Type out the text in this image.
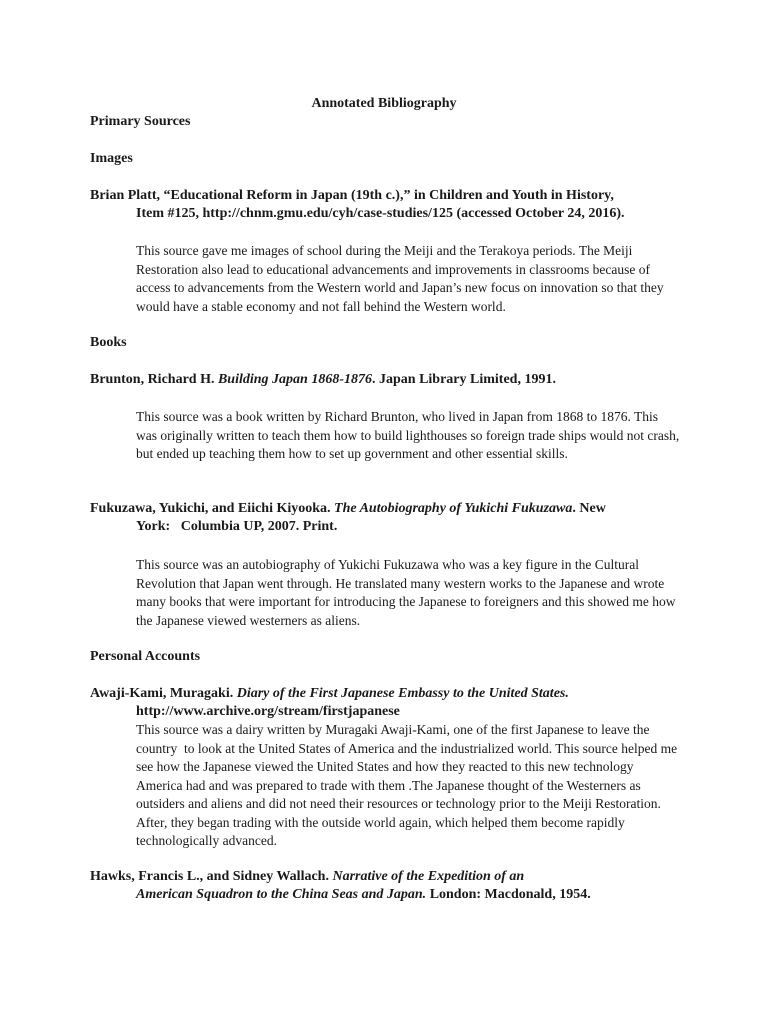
Annotated Bibliography
Primary Sources
Images
Brian Platt, “Educational Reform in Japan (19th c.),” in Children and Youth in History,
Item #125, http://chnm.gmu.edu/cyh/case-studies/125 (accessed October 24, 2016).
This source gave me images of school during the Meiji and the Terakoya periods. The Meiji Restoration also lead to educational advancements and improvements in classrooms because of access to advancements from the Western world and Japan’s new focus on innovation so that they would have a stable economy and not fall behind the Western world.
Books
Brunton, Richard H. Building Japan 1868-1876. Japan Library Limited, 1991.
This source was a book written by Richard Brunton, who lived in Japan from 1868 to 1876. This was originally written to teach them how to build lighthouses so foreign trade ships would not crash, but ended up teaching them how to set up government and other essential skills.
Fukuzawa, Yukichi, and Eiichi Kiyooka. The Autobiography of Yukichi Fukuzawa. New
York:   Columbia UP, 2007. Print.
This source was an autobiography of Yukichi Fukuzawa who was a key figure in the Cultural Revolution that Japan went through. He translated many western works to the Japanese and wrote many books that were important for introducing the Japanese to foreigners and this showed me how the Japanese viewed westerners as aliens.
Personal Accounts
Awaji-Kami, Muragaki. Diary of the First Japanese Embassy to the United States.
http://www.archive.org/stream/firstjapanese
This source was a dairy written by Muragaki Awaji-Kami, one of the first Japanese to leave the country  to look at the United States of America and the industrialized world. This source helped me see how the Japanese viewed the United States and how they reacted to this new technology America had and was prepared to trade with them .The Japanese thought of the Westerners as outsiders and aliens and did not need their resources or technology prior to the Meiji Restoration. After, they began trading with the outside world again, which helped them become rapidly technologically advanced.
Hawks, Francis L., and Sidney Wallach. Narrative of the Expedition of an
American Squadron to the China Seas and Japan. London: Macdonald, 1954.
